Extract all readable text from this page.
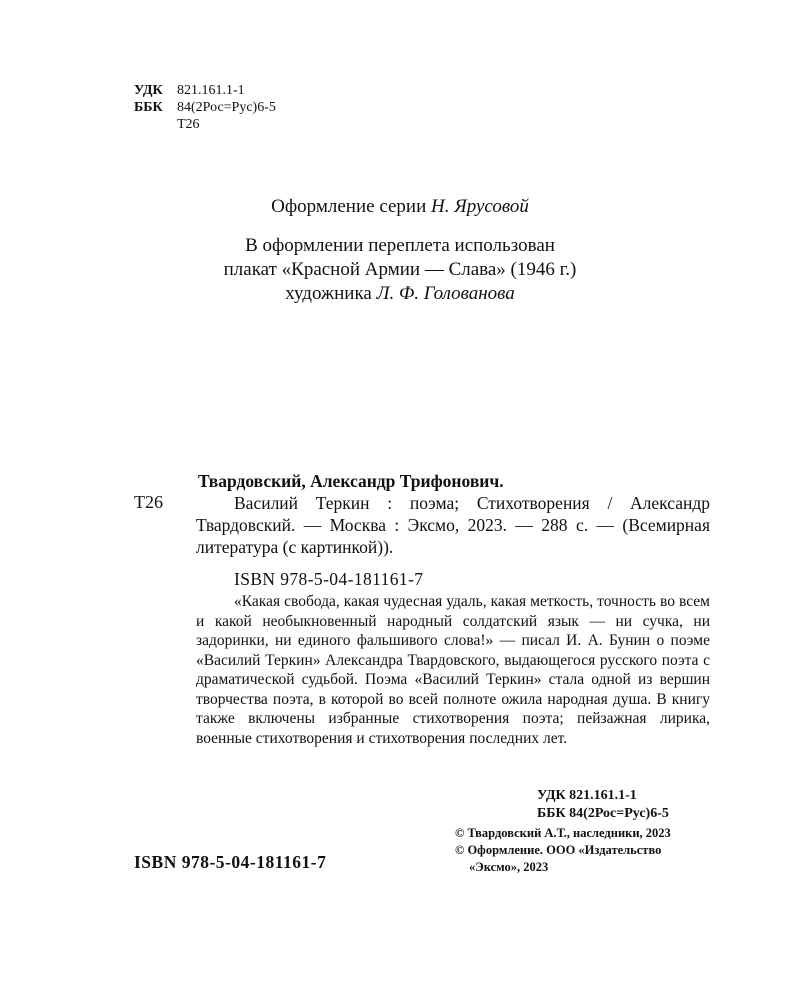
УДК 821.161.1-1
ББК 84(2Рос=Рус)6-5
Т26
Оформление серии Н. Ярусовой
В оформлении переплета использован
плакат «Красной Армии — Слава» (1946 г.)
художника Л. Ф. Голованова
Т26
Твардовский, Александр Трифонович.
Василий Теркин : поэма; Стихотворения / Александр Твардовский. — Москва : Эксмо, 2023. — 288 с. — (Всемирная литература (с картинкой)).
ISBN 978-5-04-181161-7
«Какая свобода, какая чудесная удаль, какая меткость, точность во всем и какой необыкновенный народный солдатский язык — ни сучка, ни задоринки, ни единого фальшивого слова!» — писал И. А. Бунин о поэме «Василий Теркин» Александра Твардовского, выдающегося русского поэта с драматической судьбой. Поэма «Василий Теркин» стала одной из вершин творчества поэта, в которой во всей полноте ожила народная душа. В книгу также включены избранные стихотворения поэта; пейзажная лирика, военные стихотворения и стихотворения последних лет.
УДК 821.161.1-1
ББК 84(2Рос=Рус)6-5
ISBN 978-5-04-181161-7
© Твардовский А.Т., наследники, 2023
© Оформление. ООО «Издательство
«Эксмо», 2023
